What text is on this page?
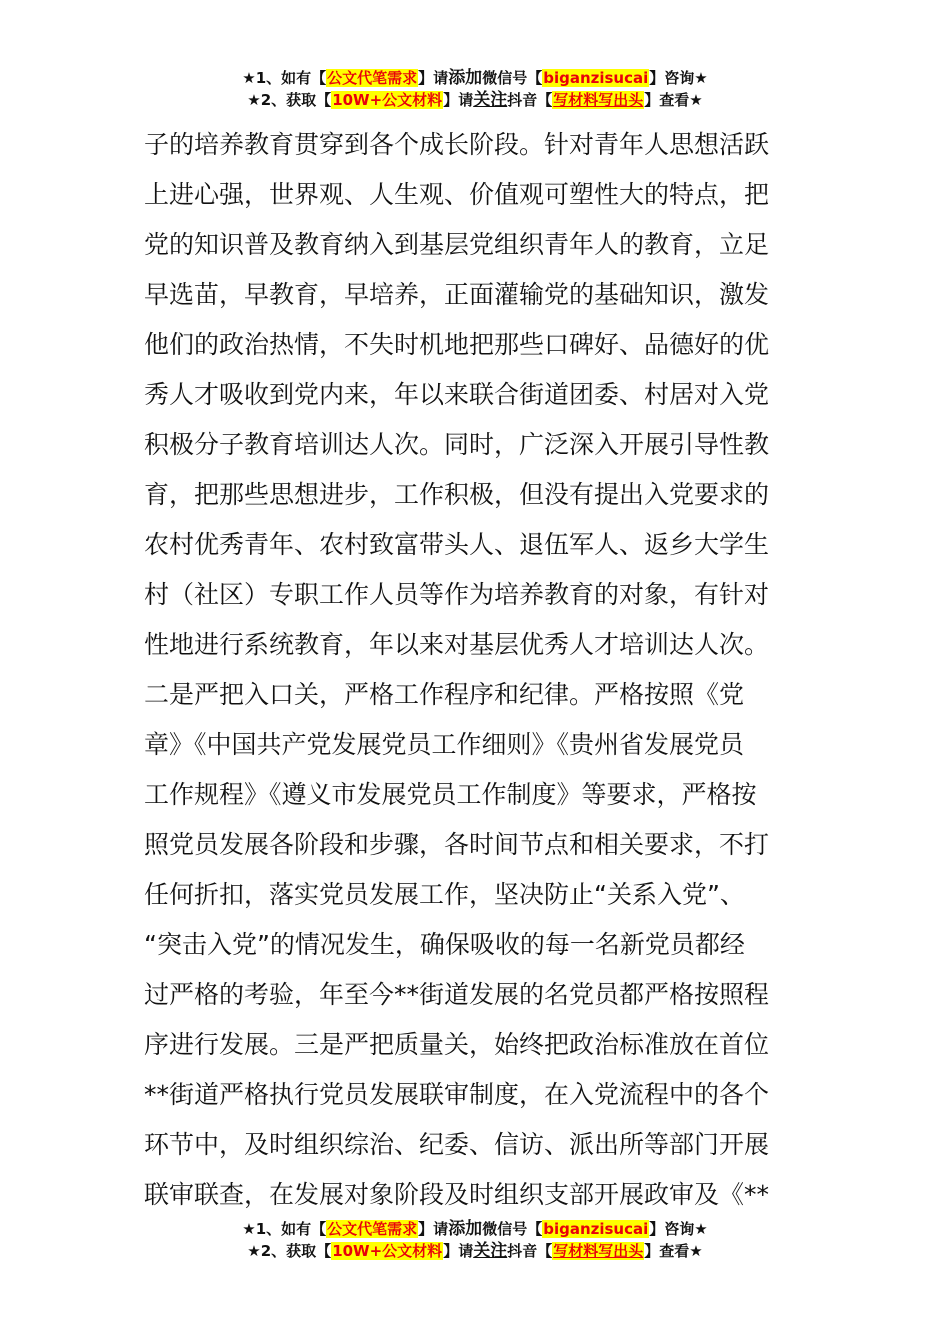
★1、如有【公文代笔需求】请添加微信号【biganzisucai】咨询★
★2、获取【10W+公文材料】请关注抖音【写材料写出头】查看★
子的培养教育贯穿到各个成长阶段。针对青年人思想活跃
上进心强，世界观、人生观、价值观可塑性大的特点，把
党的知识普及教育纳入到基层党组织青年人的教育，立足
早选苗，早教育，早培养，正面灌输党的基础知识，激发
他们的政治热情，不失时机地把那些口碑好、品德好的优
秀人才吸收到党内来，年以来联合街道团委、村居对入党
积极分子教育培训达人次。同时，广泛深入开展引导性教
育，把那些思想进步，工作积极，但没有提出入党要求的
农村优秀青年、农村致富带头人、退伍军人、返乡大学生
村（社区）专职工作人员等作为培养教育的对象，有针对
性地进行系统教育，年以来对基层优秀人才培训达人次。
二是严把入口关，严格工作程序和纪律。严格按照《党
章》《中国共产党发展党员工作细则》《贵州省发展党员
工作规程》《遵义市发展党员工作制度》等要求，严格按
照党员发展各阶段和步骤，各时间节点和相关要求，不打
任何折扣，落实党员发展工作，坚决防止“关系入党”、
“突击入党”的情况发生，确保吸收的每一名新党员都经
过严格的考验，年至今**街道发展的名党员都严格按照程
序进行发展。三是严把质量关，始终把政治标准放在首位
**街道严格执行党员发展联审制度，在入党流程中的各个
环节中，及时组织综治、纪委、信访、派出所等部门开展
联审联查，在发展对象阶段及时组织支部开展政审及《**
★1、如有【公文代笔需求】请添加微信号【biganzisucai】咨询★
★2、获取【10W+公文材料】请关注抖音【写材料写出头】查看★
